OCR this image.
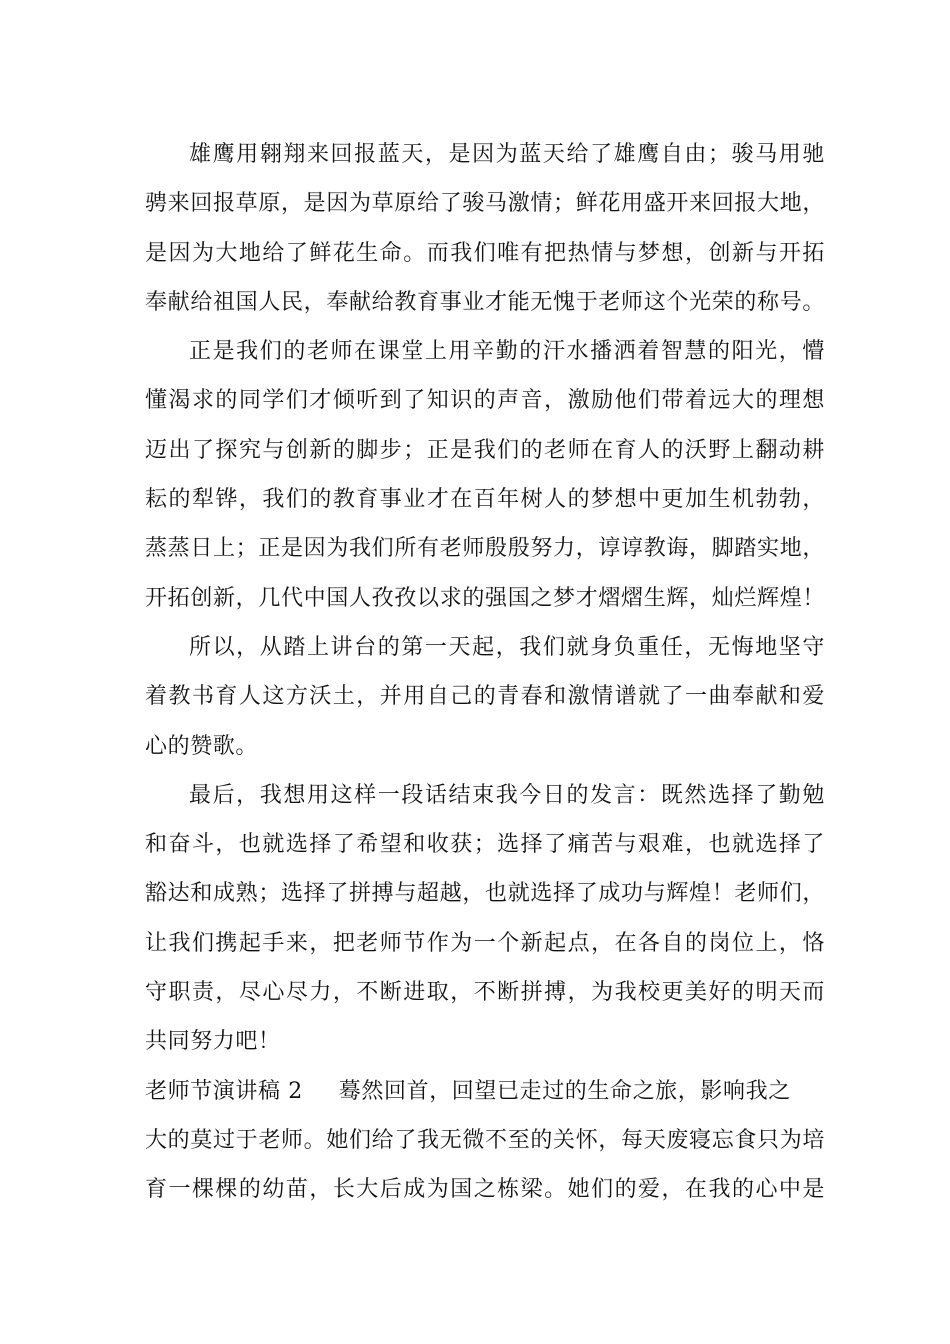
雄鹰用翱翔来回报蓝天，是因为蓝天给了雄鹰自由；骏马用驰
骋来回报草原，是因为草原给了骏马激情；鲜花用盛开来回报大地，
是因为大地给了鲜花生命。而我们唯有把热情与梦想，创新与开拓
奉献给祖国人民，奉献给教育事业才能无愧于老师这个光荣的称号。
正是我们的老师在课堂上用辛勤的汗水播洒着智慧的阳光，懵
懂渴求的同学们才倾听到了知识的声音，激励他们带着远大的理想
迈出了探究与创新的脚步；正是我们的老师在育人的沃野上翻动耕
耘的犁铧，我们的教育事业才在百年树人的梦想中更加生机勃勃，
蒸蒸日上；正是因为我们所有老师殷殷努力，谆谆教诲，脚踏实地，
开拓创新，几代中国人孜孜以求的强国之梦才熠熠生辉，灿烂辉煌！
所以，从踏上讲台的第一天起，我们就身负重任，无悔地坚守
着教书育人这方沃土，并用自己的青春和激情谱就了一曲奉献和爱
心的赞歌。
最后，我想用这样一段话结束我今日的发言：既然选择了勤勉
和奋斗，也就选择了希望和收获；选择了痛苦与艰难，也就选择了
豁达和成熟；选择了拼搏与超越，也就选择了成功与辉煌！老师们，
让我们携起手来，把老师节作为一个新起点，在各自的岗位上，恪
守职责，尽心尽力，不断进取，不断拼搏，为我校更美好的明天而
共同努力吧！
老师节演讲稿 2 蓦然回首，回望已走过的生命之旅，影响我之
大的莫过于老师。她们给了我无微不至的关怀，每天废寝忘食只为培
育一棵棵的幼苗，长大后成为国之栋梁。她们的爱，在我的心中是
